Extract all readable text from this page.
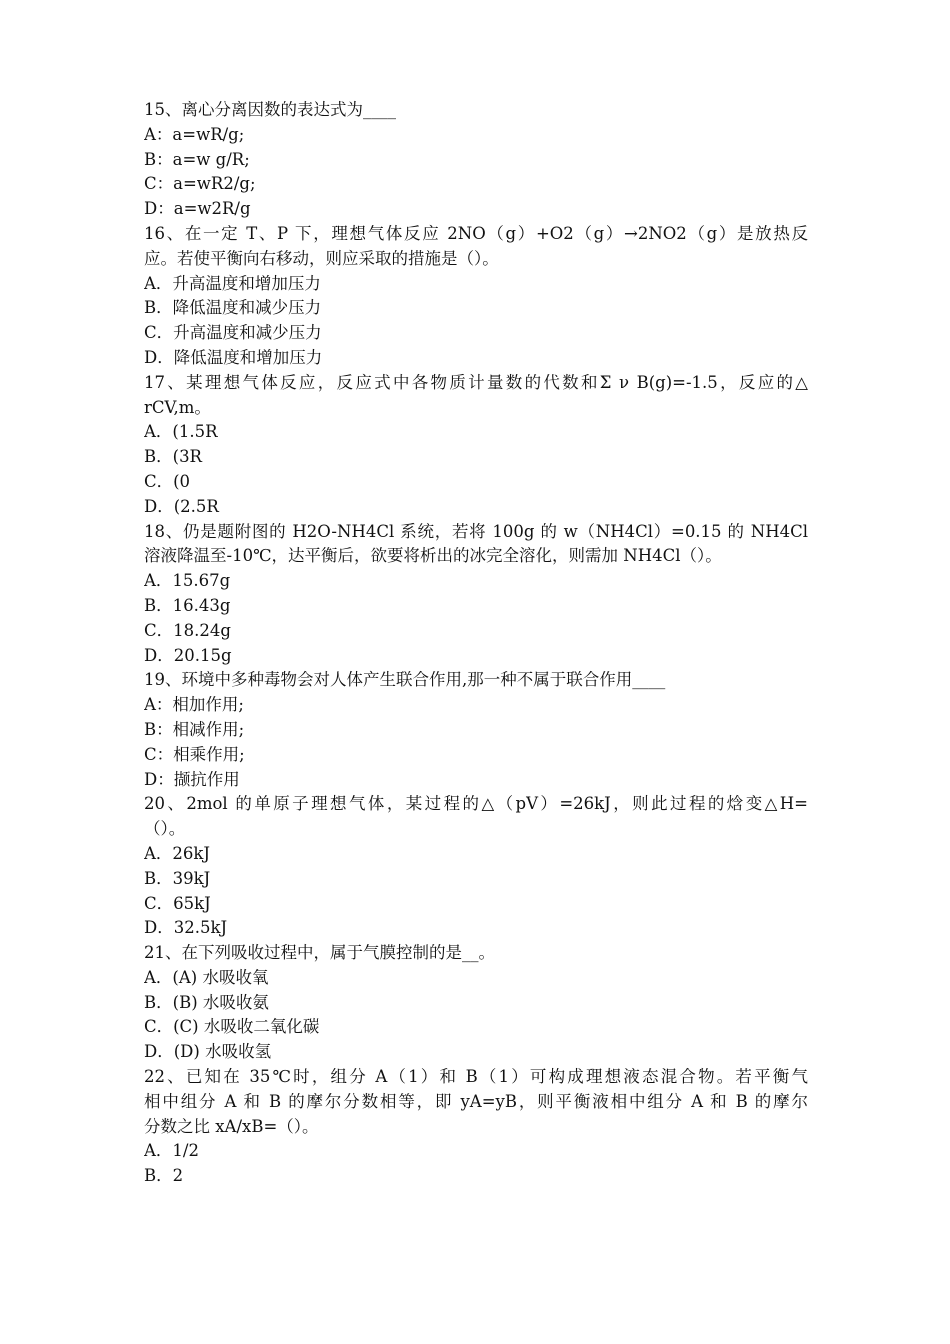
15、离心分离因数的表达式为____
A：a=wR/g;
B：a=w g/R;
C：a=wR2/g;
D：a=w2R/g
16、在一定 T、P 下，理想气体反应 2NO（g）+O2（g）→2NO2（g）是放热反
应。若使平衡向右移动，则应采取的措施是（）。
A．升高温度和增加压力
B．降低温度和减少压力
C．升高温度和减少压力
D．降低温度和增加压力
17、某理想气体反应，反应式中各物质计量数的代数和Σ ν B(g)=-1.5，反应的△
rCV,m。
A．(1.5R
B．(3R
C．(0
D．(2.5R
18、仍是题附图的 H2O-NH4Cl 系统，若将 100g 的 w（NH4Cl）=0.15 的 NH4Cl
溶液降温至-10℃，达平衡后，欲要将析出的冰完全溶化，则需加 NH4Cl（）。
A．15.67g
B．16.43g
C．18.24g
D．20.15g
19、环境中多种毒物会对人体产生联合作用,那一种不属于联合作用____
A：相加作用;
B：相减作用;
C：相乘作用;
D：撷抗作用
20、2mol 的单原子理想气体，某过程的△（pV）=26kJ，则此过程的焓变△H=
（）。
A．26kJ
B．39kJ
C．65kJ
D．32.5kJ
21、在下列吸收过程中，属于气膜控制的是__。
A．(A) 水吸收氧
B．(B) 水吸收氨
C．(C) 水吸收二氧化碳
D．(D) 水吸收氢
22、已知在 35℃时，组分 A（1）和 B（1）可构成理想液态混合物。若平衡气
相中组分 A 和 B 的摩尔分数相等，即 yA=yB，则平衡液相中组分 A 和 B 的摩尔
分数之比 xA/xB=（）。
A．1/2
B．2
